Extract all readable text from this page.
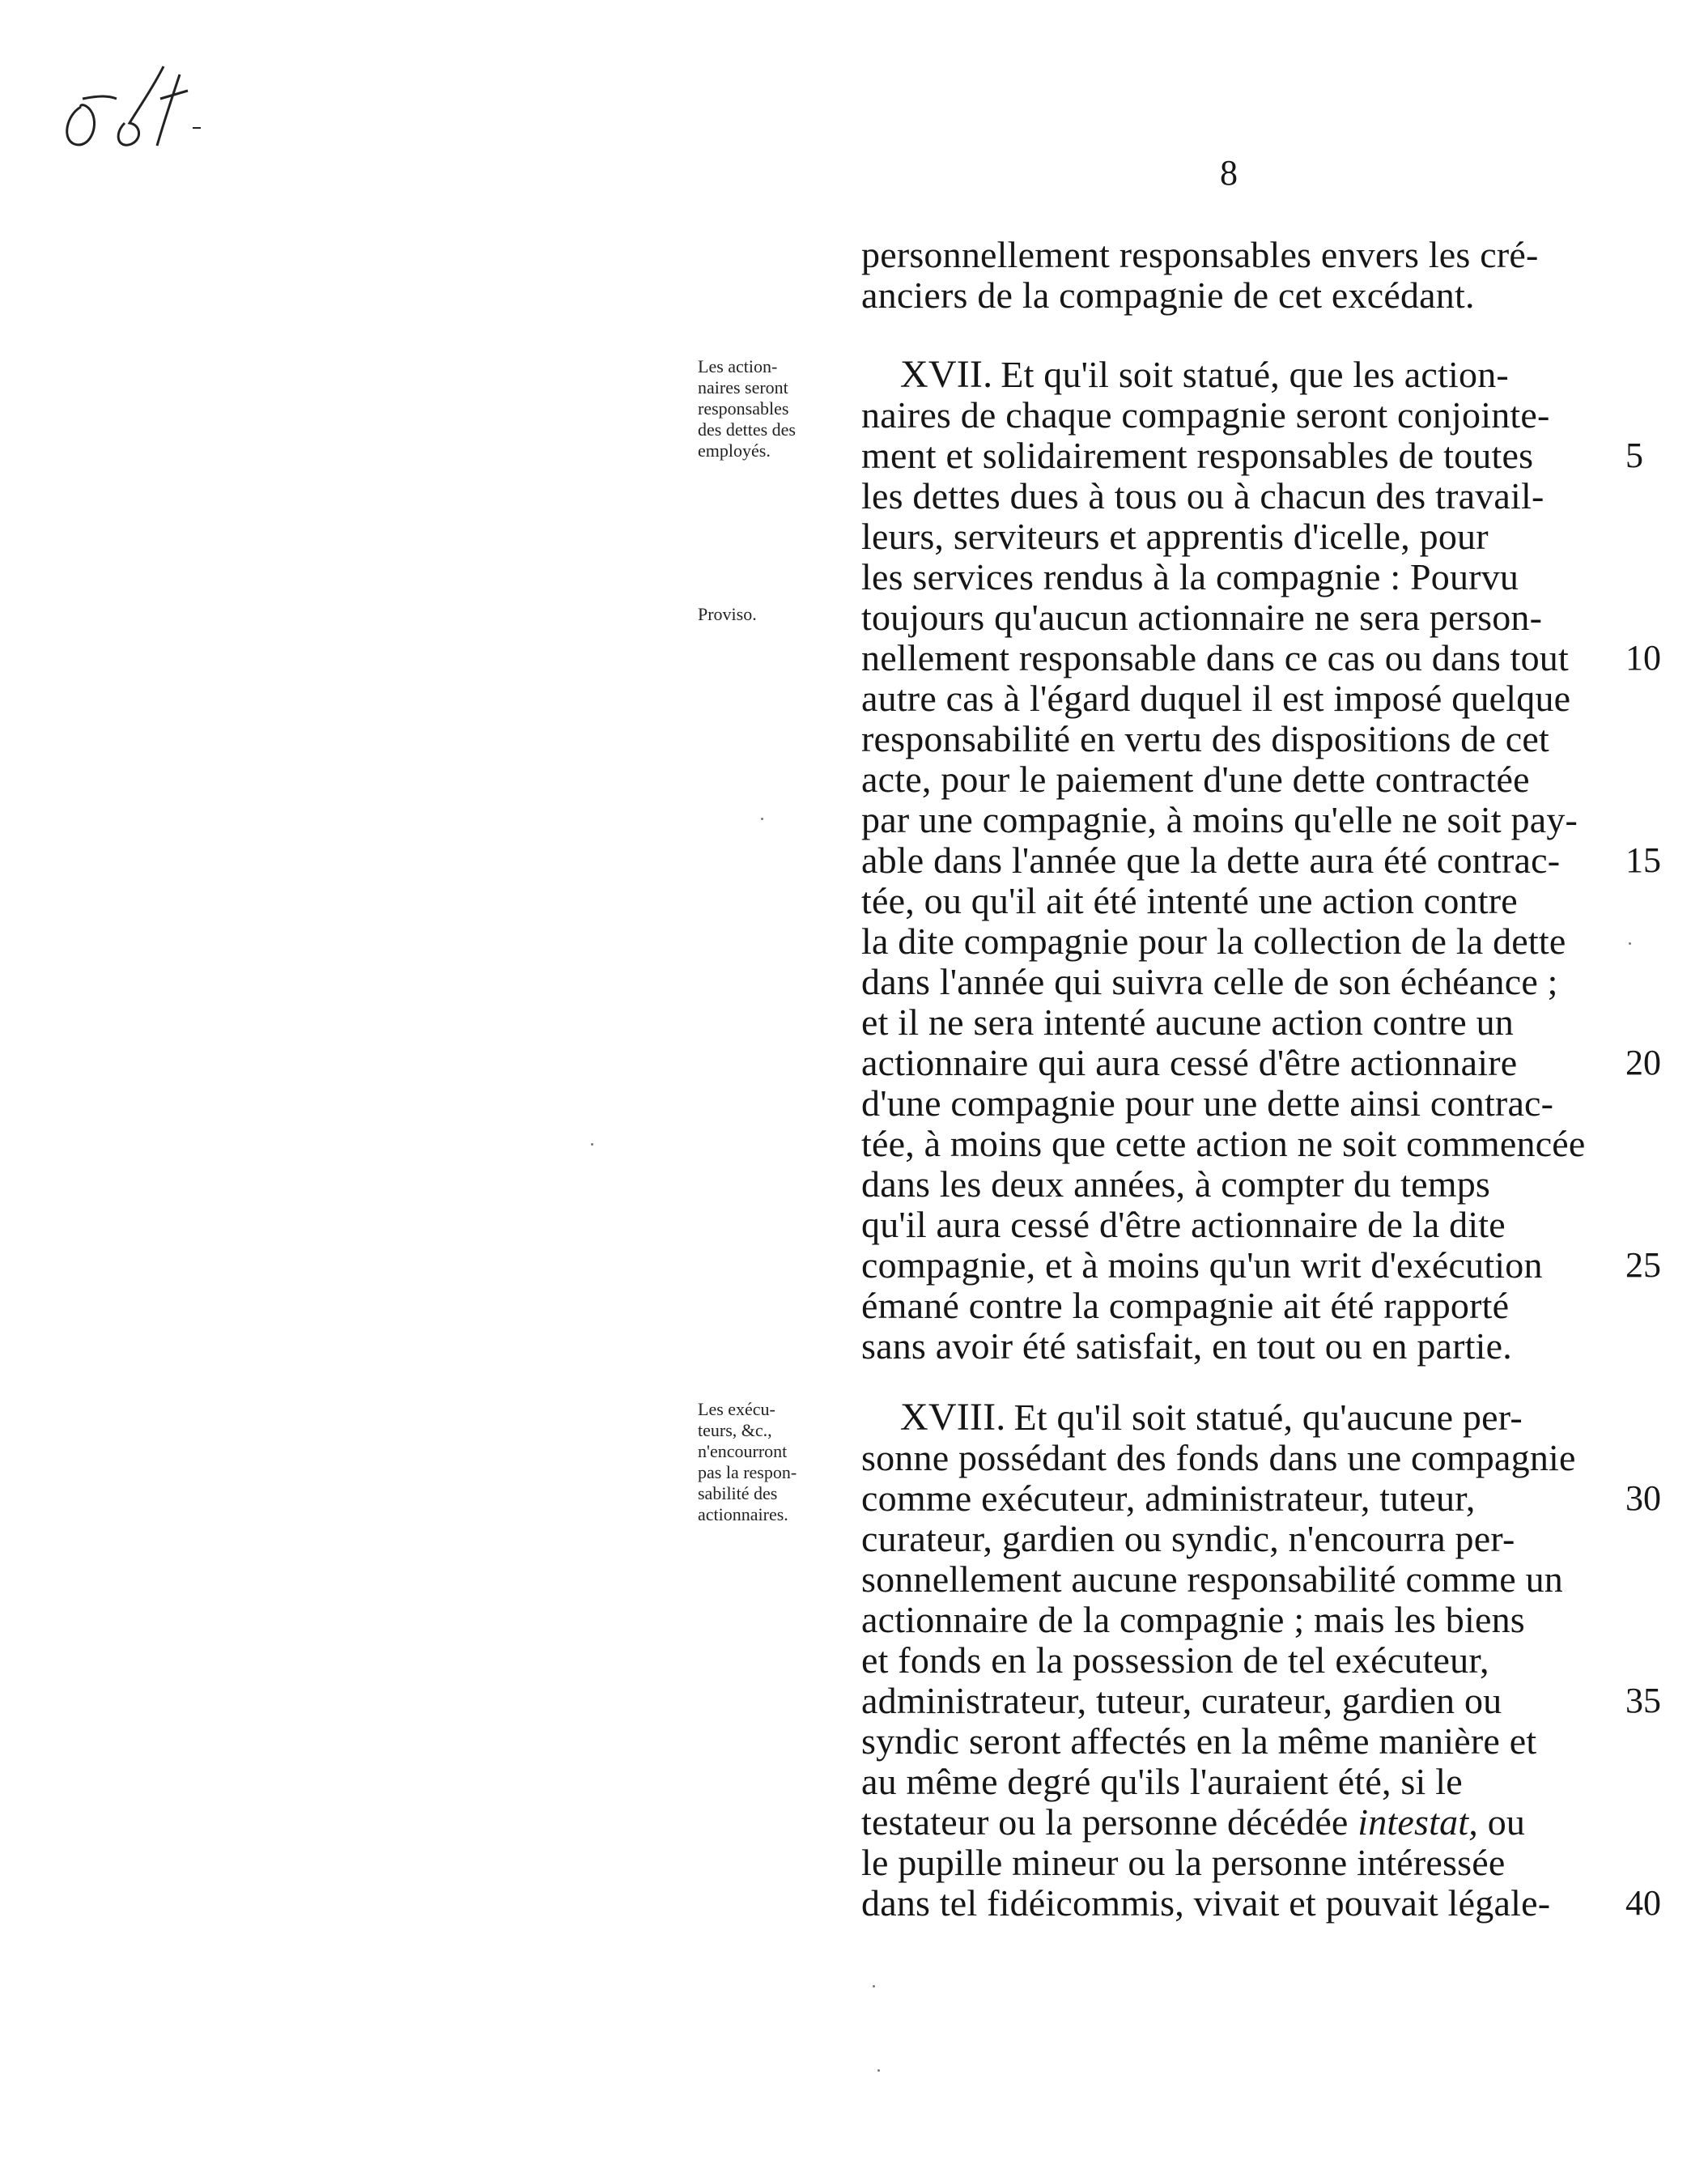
8
personnellement responsables envers les cré-
anciers de la compagnie de cet excédant.
Les action-
naires seront
responsables
des dettes des
employés.
Proviso.
XVII. Et qu'il soit statué, que les action-
naires de chaque compagnie seront conjointe-
ment et solidairement responsables de toutes
les dettes dues à tous ou à chacun des travail-
leurs, serviteurs et apprentis d'icelle, pour
les services rendus à la compagnie : Pourvu
toujours qu'aucun actionnaire ne sera person-
nellement responsable dans ce cas ou dans tout
autre cas à l'égard duquel il est imposé quelque
responsabilité en vertu des dispositions de cet
acte, pour le paiement d'une dette contractée
par une compagnie, à moins qu'elle ne soit pay-
able dans l'année que la dette aura été contrac-
tée, ou qu'il ait été intenté une action contre
la dite compagnie pour la collection de la dette
dans l'année qui suivra celle de son échéance ;
et il ne sera intenté aucune action contre un
actionnaire qui aura cessé d'être actionnaire
d'une compagnie pour une dette ainsi contrac-
tée, à moins que cette action ne soit commencée
dans les deux années, à compter du temps
qu'il aura cessé d'être actionnaire de la dite
compagnie, et à moins qu'un writ d'exécution
émané contre la compagnie ait été rapporté
sans avoir été satisfait, en tout ou en partie.
Les exécu-
teurs, &c.,
n'encourront
pas la respon-
sabilité des
actionnaires.
XVIII. Et qu'il soit statué, qu'aucune per-
sonne possédant des fonds dans une compagnie
comme exécuteur, administrateur, tuteur,
curateur, gardien ou syndic, n'encourra per-
sonnellement aucune responsabilité comme un
actionnaire de la compagnie ; mais les biens
et fonds en la possession de tel exécuteur,
administrateur, tuteur, curateur, gardien ou
syndic seront affectés en la même manière et
au même degré qu'ils l'auraient été, si le
testateur ou la personne décédée intestat, ou
le pupille mineur ou la personne intéressée
dans tel fidéicommis, vivait et pouvait légale-
5
10
15
20
25
30
35
40
